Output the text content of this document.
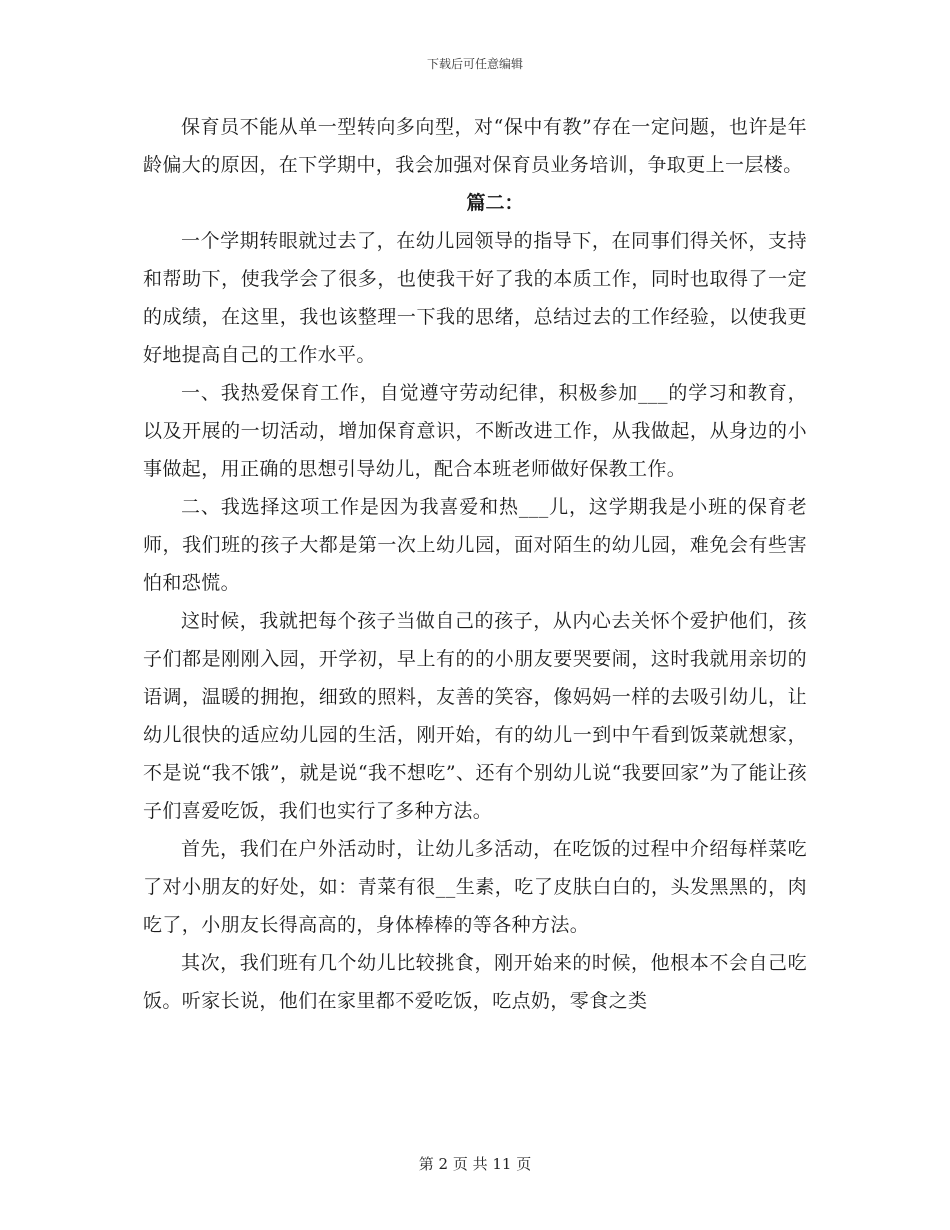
下载后可任意编辑

保育员不能从单一型转向多向型，对“保中有教”存在一定问题，也许是年龄偏大的原因，在下学期中，我会加强对保育员业务培训，争取更上一层楼。

篇二：

一个学期转眼就过去了，在幼儿园领导的指导下，在同事们得关怀，支持和帮助下，使我学会了很多，也使我干好了我的本质工作，同时也取得了一定的成绩，在这里，我也该整理一下我的思绪，总结过去的工作经验，以使我更好地提高自己的工作水平。

一、我热爱保育工作，自觉遵守劳动纪律，积极参加___的学习和教育，以及开展的一切活动，增加保育意识，不断改进工作，从我做起，从身边的小事做起，用正确的思想引导幼儿，配合本班老师做好保教工作。

二、我选择这项工作是因为我喜爱和热___儿，这学期我是小班的保育老师，我们班的孩子大都是第一次上幼儿园，面对陌生的幼儿园，难免会有些害怕和恐慌。

这时候，我就把每个孩子当做自己的孩子，从内心去关怀个爱护他们，孩子们都是刚刚入园，开学初，早上有的的小朋友要哭要闹，这时我就用亲切的语调，温暖的拥抱，细致的照料，友善的笑容，像妈妈一样的去吸引幼儿，让幼儿很快的适应幼儿园的生活，刚开始，有的幼儿一到中午看到饭菜就想家，不是说“我不饿”，就是说“我不想吃”、还有个别幼儿说“我要回家”为了能让孩子们喜爱吃饭，我们也实行了多种方法。

首先，我们在户外活动时，让幼儿多活动，在吃饭的过程中介绍每样菜吃了对小朋友的好处，如：青菜有很__生素，吃了皮肤白白的，头发黑黑的，肉吃了，小朋友长得高高的，身体棒棒的等各种方法。

其次，我们班有几个幼儿比较挑食，刚开始来的时候，他根本不会自己吃饭。听家长说，他们在家里都不爱吃饭，吃点奶，零食之类

第 2 页 共 11 页
